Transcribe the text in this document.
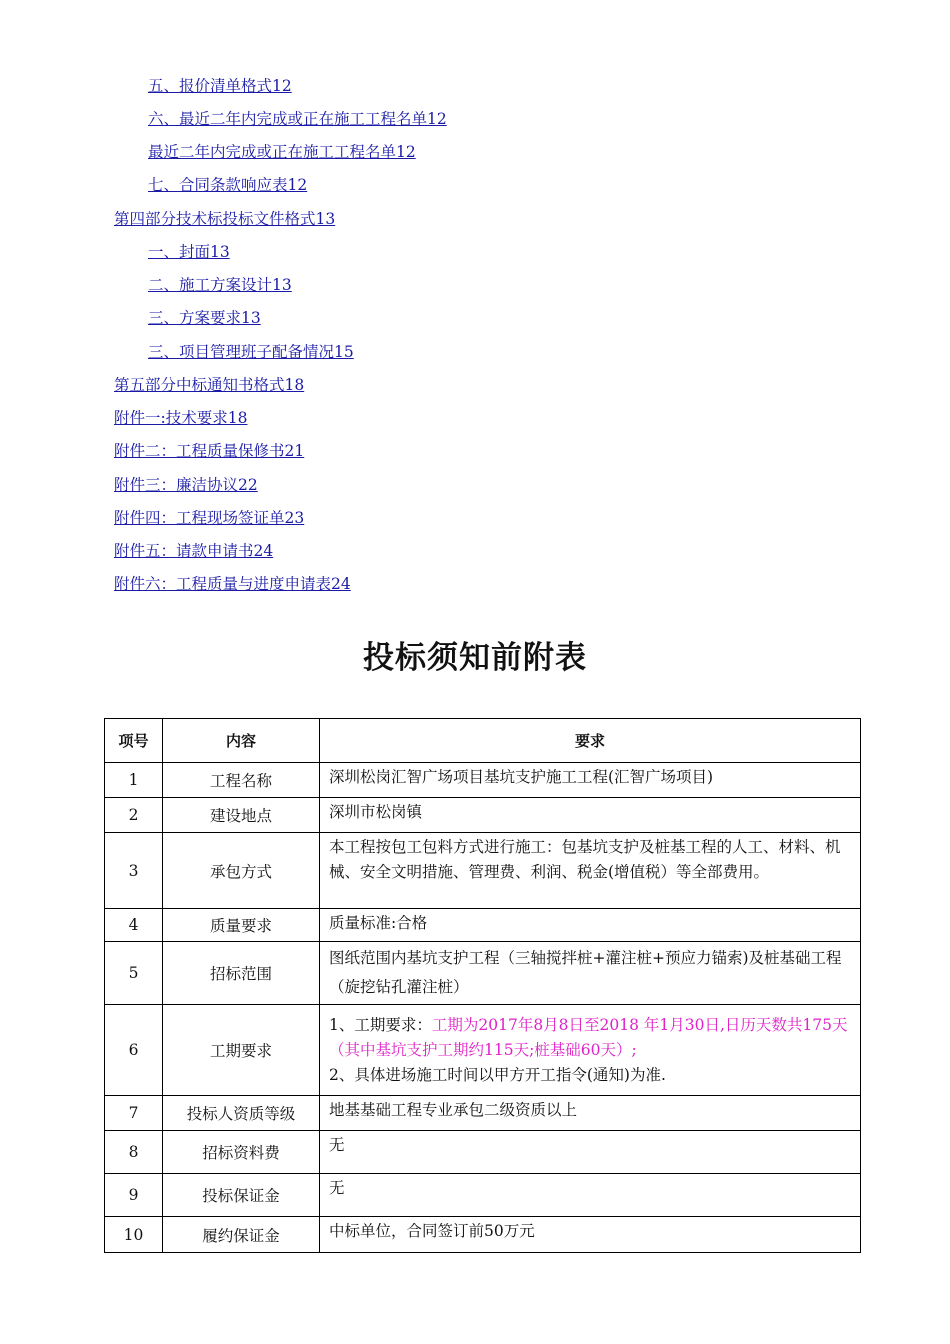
五、报价清单格式12
六、最近二年内完成或正在施工工程名单12
最近二年内完成或正在施工工程名单12
七、合同条款响应表12
第四部分技术标投标文件格式13
一、封面13
二、施工方案设计13
三、方案要求13
三、项目管理班子配备情况15
第五部分中标通知书格式18
附件一:技术要求18
附件二：工程质量保修书21
附件三：廉洁协议22
附件四：工程现场签证单23
附件五：请款申请书24
附件六：工程质量与进度申请表24
投标须知前附表
项号	内容	要求
1	工程名称	深圳松岗汇智广场项目基坑支护施工工程(汇智广场项目)
2	建设地点	深圳市松岗镇
3	承包方式	本工程按包工包料方式进行施工：包基坑支护及桩基工程的人工、材料、机械、安全文明措施、管理费、利润、税金(增值税）等全部费用。
4	质量要求	质量标准:合格
5	招标范围	图纸范围内基坑支护工程（三轴搅拌桩+灌注桩+预应力锚索)及桩基础工程（旋挖钻孔灌注桩）
6	工期要求	1、工期要求：工期为2017年8月8日至2018 年1月30日,日历天数共175天（其中基坑支护工期约115天;桩基础60天）;
2、具体进场施工时间以甲方开工指令(通知)为准.
7	投标人资质等级	地基基础工程专业承包二级资质以上
8	招标资料费	无
9	投标保证金	无
10	履约保证金	中标单位，合同签订前50万元
